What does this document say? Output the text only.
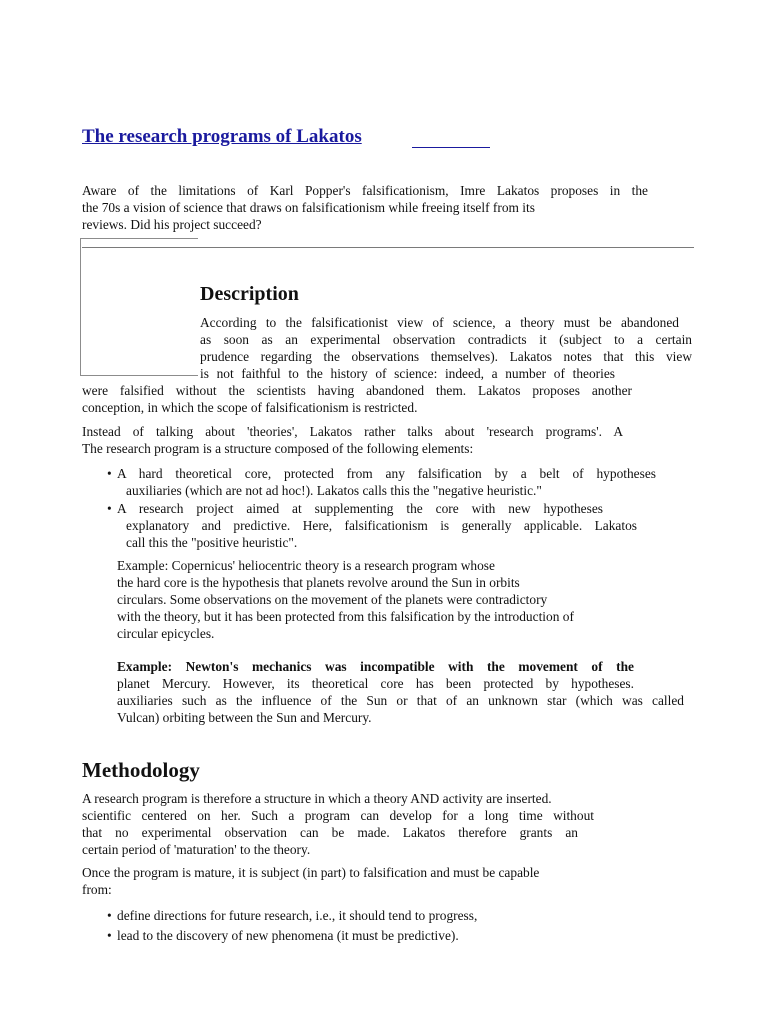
The research programs of Lakatos
Aware of the limitations of Karl Popper's falsificationism, Imre Lakatos proposes in the
the 70s a vision of science that draws on falsificationism while freeing itself from its
reviews. Did his project succeed?
Description
According to the falsificationist view of science, a theory must be abandoned
as soon as an experimental observation contradicts it (subject to a certain
prudence regarding the observations themselves). Lakatos notes that this view
is not faithful to the history of science: indeed, a number of theories
were falsified without the scientists having abandoned them. Lakatos proposes another
conception, in which the scope of falsificationism is restricted.
Instead of talking about 'theories', Lakatos rather talks about 'research programs'. A
The research program is a structure composed of the following elements:
• A hard theoretical core, protected from any falsification by a belt of hypotheses
auxiliaries (which are not ad hoc!). Lakatos calls this the "negative heuristic."
• A research project aimed at supplementing the core with new hypotheses
explanatory and predictive. Here, falsificationism is generally applicable. Lakatos
call this the "positive heuristic".
Example: Copernicus' heliocentric theory is a research program whose
the hard core is the hypothesis that planets revolve around the Sun in orbits
circulars. Some observations on the movement of the planets were contradictory
with the theory, but it has been protected from this falsification by the introduction of
circular epicycles.
Example: Newton's mechanics was incompatible with the movement of the
planet Mercury. However, its theoretical core has been protected by hypotheses.
auxiliaries such as the influence of the Sun or that of an unknown star (which was called
Vulcan) orbiting between the Sun and Mercury.
Methodology
A research program is therefore a structure in which a theory AND activity are inserted.
scientific centered on her. Such a program can develop for a long time without
that no experimental observation can be made. Lakatos therefore grants an
certain period of 'maturation' to the theory.
Once the program is mature, it is subject (in part) to falsification and must be capable
from:
• define directions for future research, i.e., it should tend to progress,
• lead to the discovery of new phenomena (it must be predictive).
